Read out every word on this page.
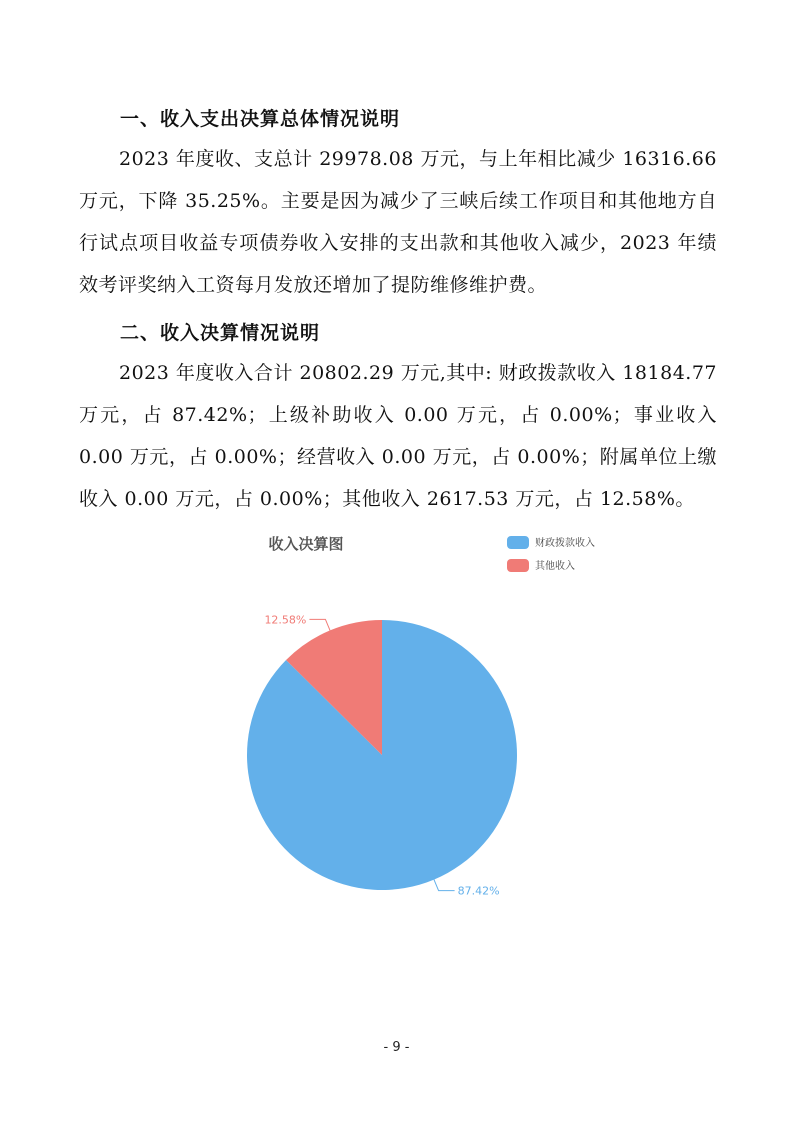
一、收入支出决算总体情况说明

2023 年度收、支总计 29978.08 万元，与上年相比减少 16316.66 万元，下降 35.25%。主要是因为减少了三峡后续工作项目和其他地方自行试点项目收益专项债券收入安排的支出款和其他收入减少，2023 年绩效考评奖纳入工资每月发放还增加了提防维修维护费。

二、收入决算情况说明

2023 年度收入合计 20802.29 万元,其中: 财政拨款收入 18184.77 万元，占 87.42%；上级补助收入 0.00 万元，占 0.00%；事业收入 0.00 万元，占 0.00%；经营收入 0.00 万元，占 0.00%；附属单位上缴收入 0.00 万元，占 0.00%；其他收入 2617.53 万元，占 12.58%。

收入决算图	财政拨款收入
其他收入
87.42%
12.58%
- 9 -
